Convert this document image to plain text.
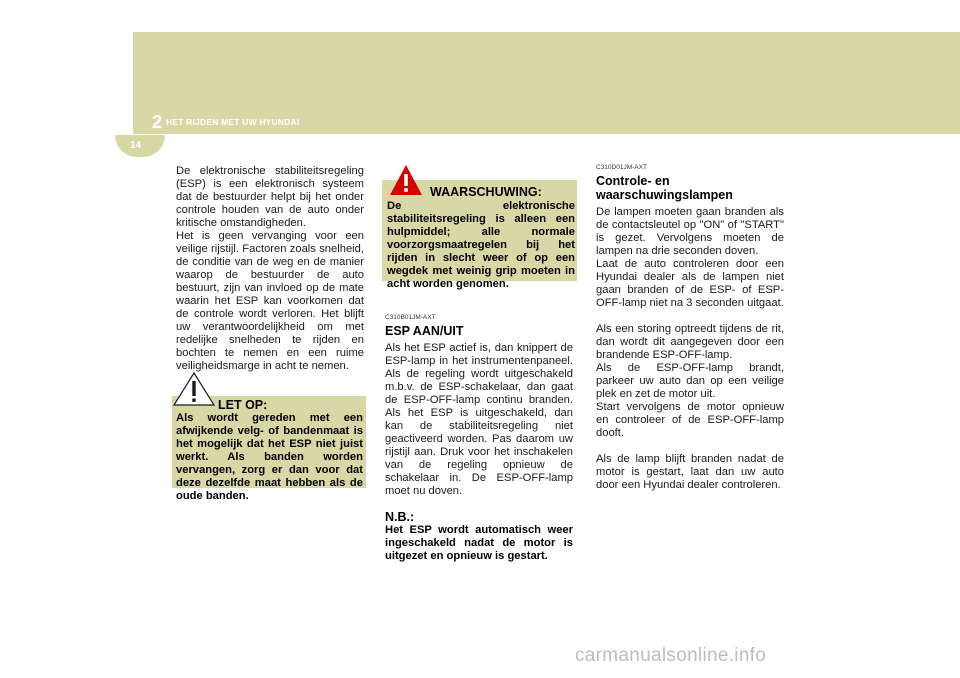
2 HET RIJDEN MET UW HYUNDAI
14

De elektronische stabiliteitsregeling (ESP) is een elektronisch systeem dat de bestuurder helpt bij het onder controle houden van de auto onder kritische omstandigheden.

Het is geen vervanging voor een veilige rijstijl. Factoren zoals snelheid, de conditie van de weg en de manier waarop de bestuurder de auto bestuurt, zijn van invloed op de mate waarin het ESP kan voorkomen dat de controle wordt verloren. Het blijft uw verantwoordelijkheid om met redelijke snelheden te rijden en bochten te nemen en een ruime veiligheidsmarge in acht te nemen.

LET OP:
Als wordt gereden met een afwijkende velg- of bandenmaat is het mogelijk dat het ESP niet juist werkt. Als banden worden vervangen, zorg er dan voor dat deze dezelfde maat hebben als de oude banden.
WAARSCHUWING:
De elektronische stabiliteitsregeling is alleen een hulpmiddel; alle normale voorzorgsmaatregelen bij het rijden in slecht weer of op een wegdek met weinig grip moeten in acht worden genomen.

C310B01JM-AXT

ESP AAN/UIT

Als het ESP actief is, dan knippert de ESP-lamp in het instrumentenpaneel. Als de regeling wordt uitgeschakeld m.b.v. de ESP-schakelaar, dan gaat de ESP-OFF-lamp continu branden. Als het ESP is uitgeschakeld, dan kan de stabiliteitsregeling niet geactiveerd worden. Pas daarom uw rijstijl aan. Druk voor het inschakelen van de regeling opnieuw de schakelaar in. De ESP-OFF-lamp moet nu doven.

N.B.:

Het ESP wordt automatisch weer ingeschakeld nadat de motor is uitgezet en opnieuw is gestart.

C310D01JM-AXT

Controle- en
waarschuwingslampen

De lampen moeten gaan branden als de contactsleutel op "ON" of "START" is gezet. Vervolgens moeten de lampen na drie seconden doven.

Laat de auto controleren door een Hyundai dealer als de lampen niet gaan branden of de ESP- of ESP-OFF-lamp niet na 3 seconden uitgaat.

Als een storing optreedt tijdens de rit, dan wordt dit aangegeven door een brandende ESP-OFF-lamp.

Als de ESP-OFF-lamp brandt, parkeer uw auto dan op een veilige plek en zet de motor uit.

Start vervolgens de motor opnieuw en controleer of de ESP-OFF-lamp dooft.

Als de lamp blijft branden nadat de motor is gestart, laat dan uw auto door een Hyundai dealer controleren.

carmanualsonline.info
